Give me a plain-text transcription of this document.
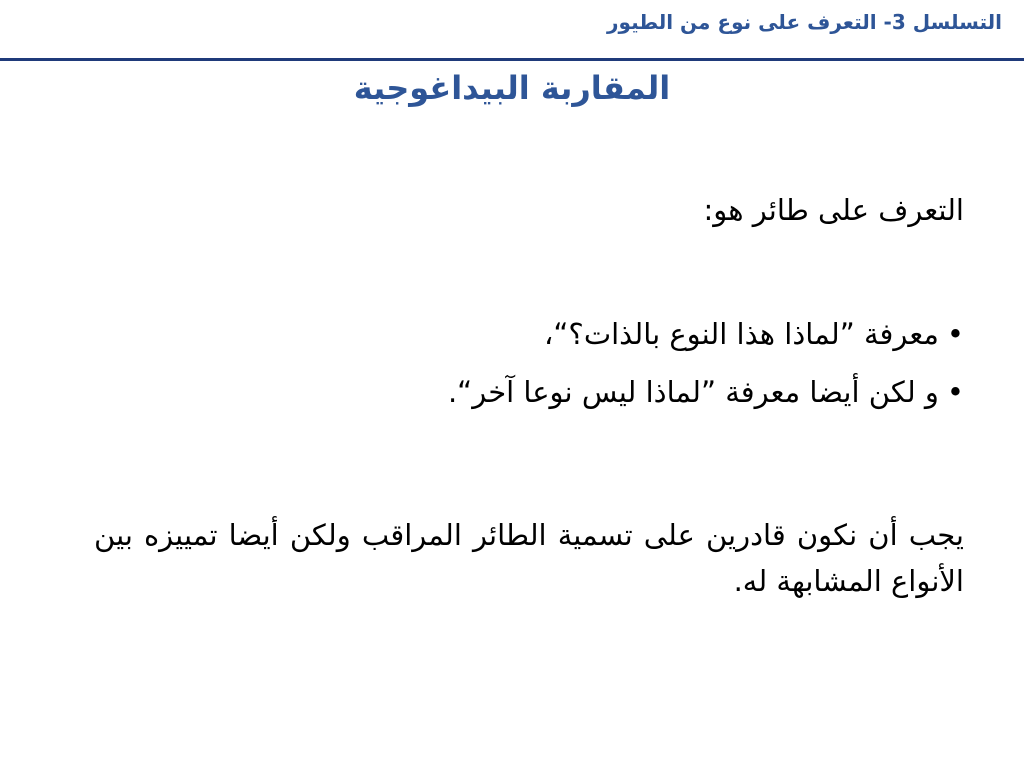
التسلسل 3- التعرف على نوع من الطيور
المقاربة البيداغوجية
التعرف على طائر هو:
•معرفة ”لماذا هذا النوع بالذات؟“،
•و لكن أيضا معرفة ”لماذا ليس نوعا آخر“.
يجب أن نكون قادرين على تسمية الطائر المراقب ولكن أيضا تمييزه بين الأنواع المشابهة له.
